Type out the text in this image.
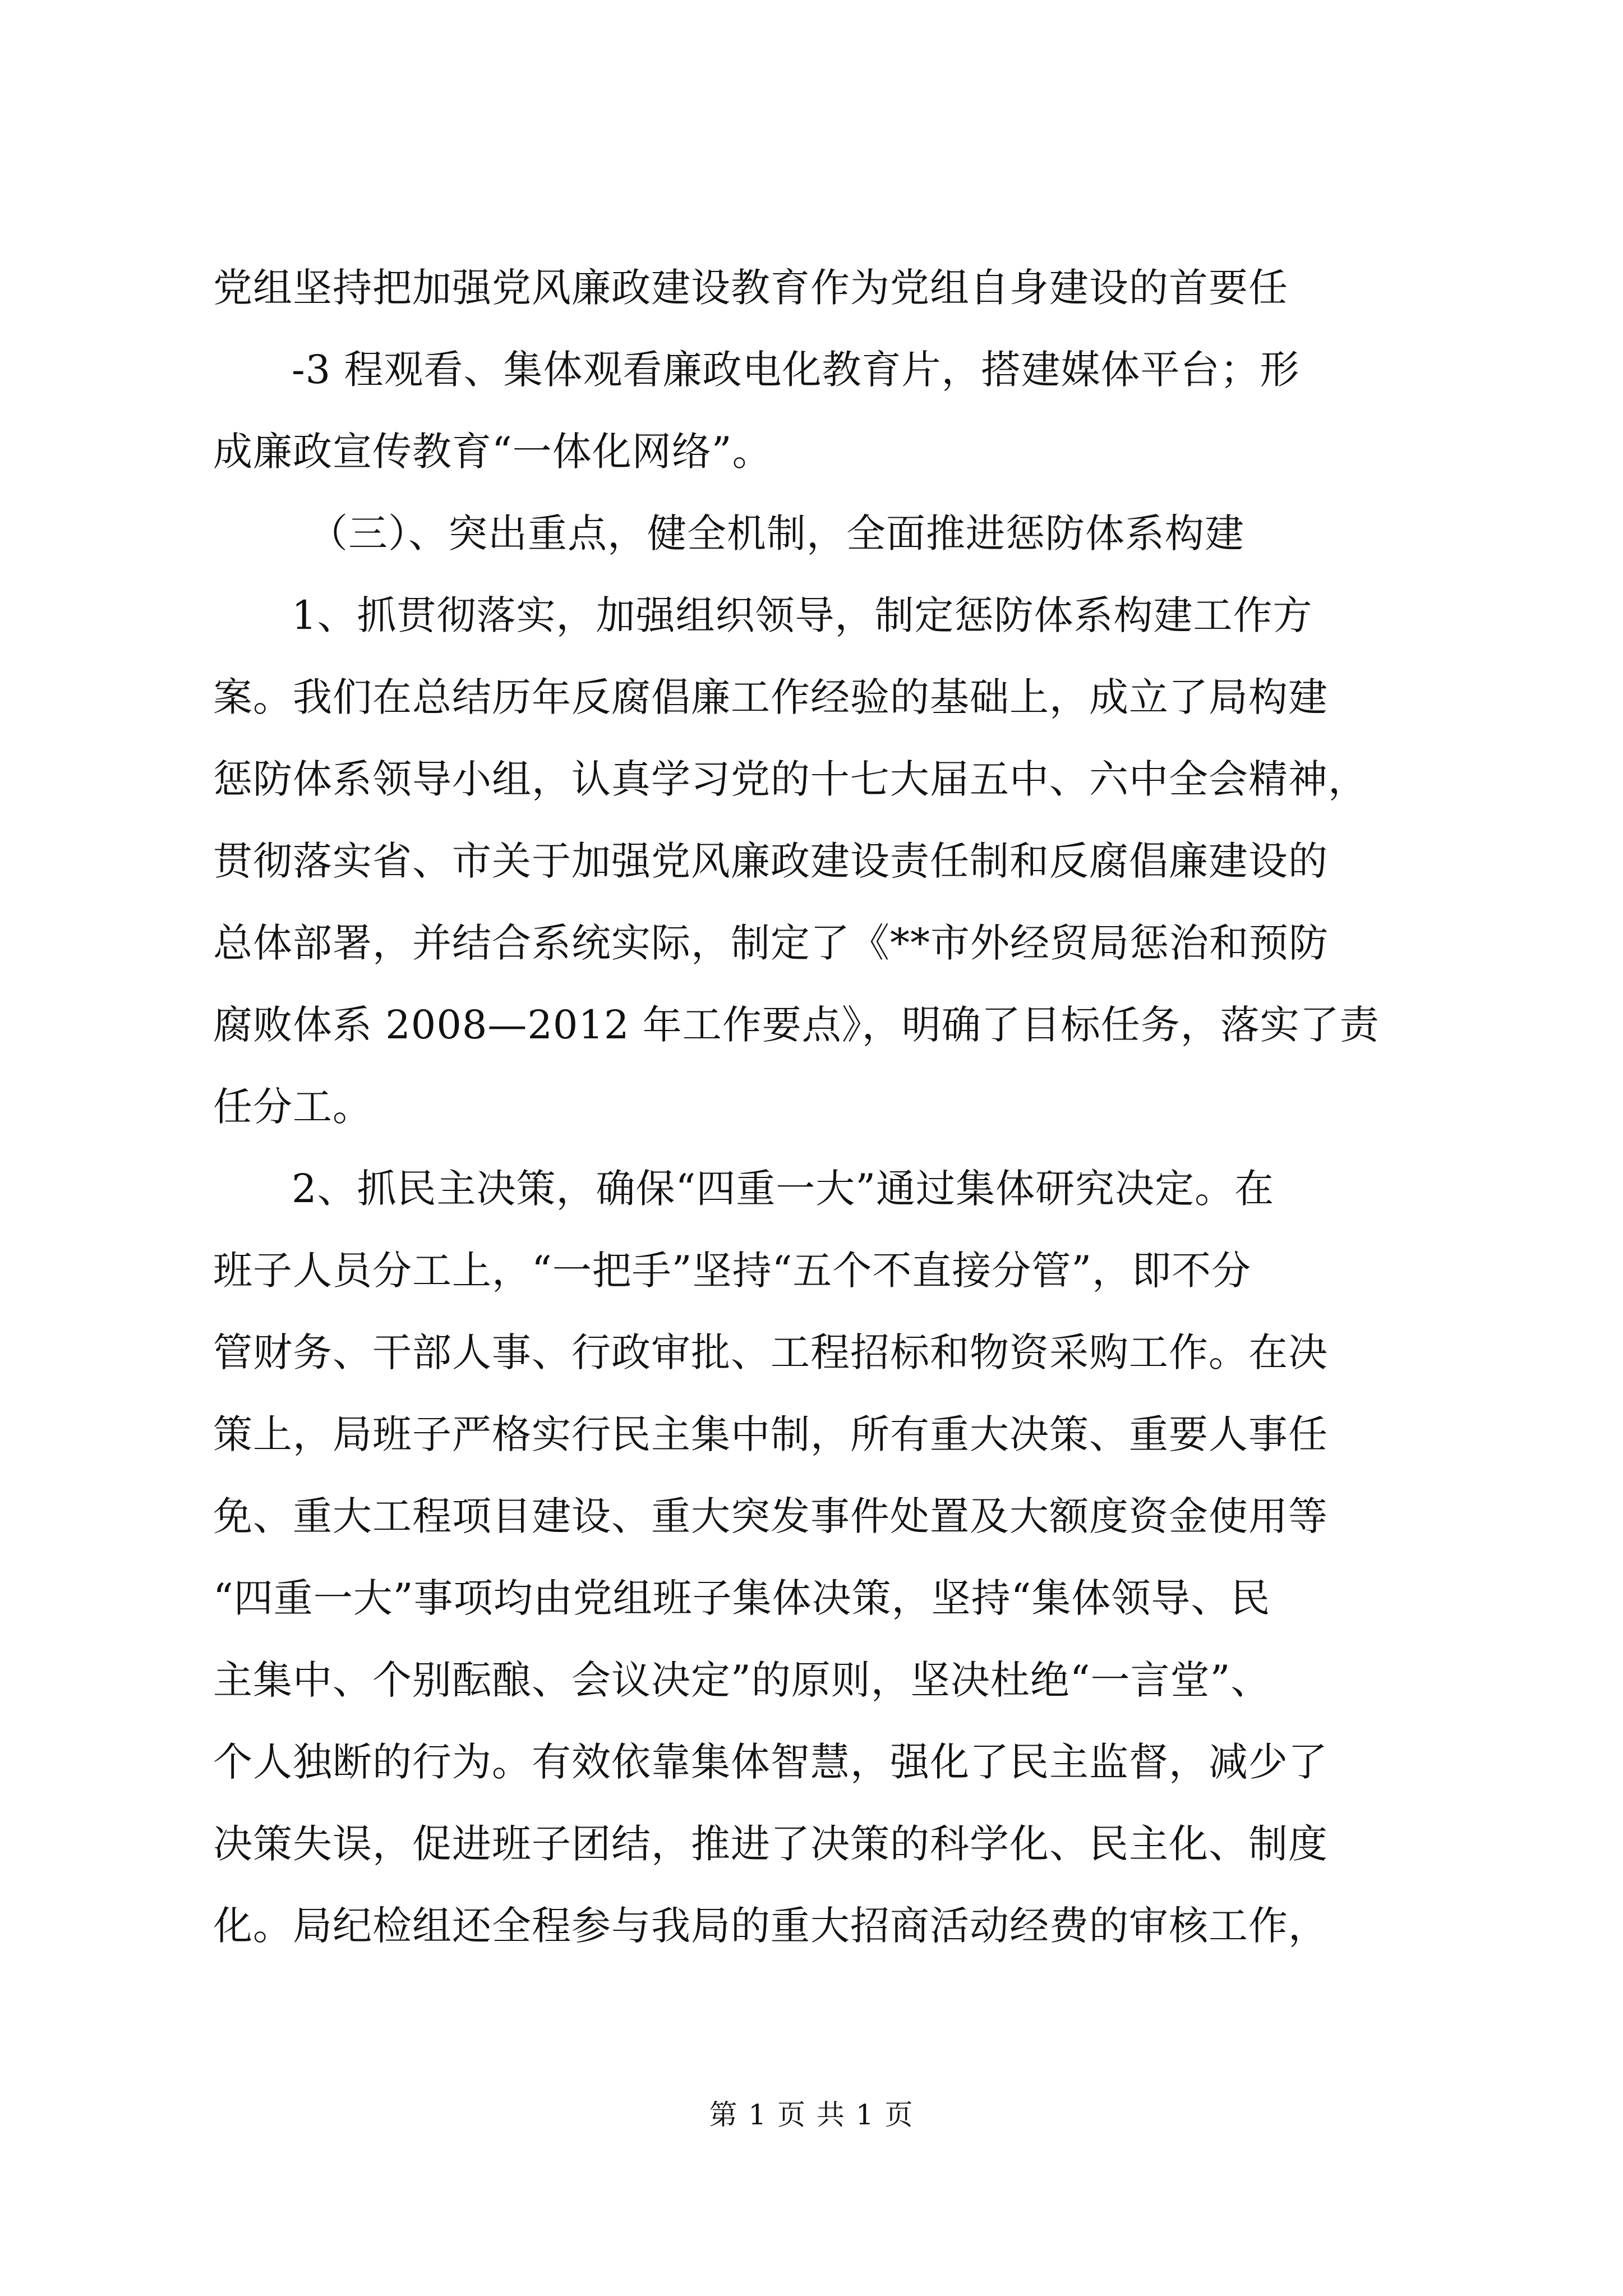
党组坚持把加强党风廉政建设教育作为党组自身建设的首要任
-3 程观看、集体观看廉政电化教育片，搭建媒体平台；形
成廉政宣传教育“一体化网络”。
（三）、突出重点，健全机制，全面推进惩防体系构建
1、抓贯彻落实，加强组织领导，制定惩防体系构建工作方
案。我们在总结历年反腐倡廉工作经验的基础上，成立了局构建
惩防体系领导小组，认真学习党的十七大届五中、六中全会精神，
贯彻落实省、市关于加强党风廉政建设责任制和反腐倡廉建设的
总体部署，并结合系统实际，制定了《**市外经贸局惩治和预防
腐败体系 2008—2012 年工作要点》，明确了目标任务，落实了责
任分工。
2、抓民主决策，确保“四重一大”通过集体研究决定。在
班子人员分工上，“一把手”坚持“五个不直接分管”，即不分
管财务、干部人事、行政审批、工程招标和物资采购工作。在决
策上，局班子严格实行民主集中制，所有重大决策、重要人事任
免、重大工程项目建设、重大突发事件处置及大额度资金使用等
“四重一大”事项均由党组班子集体决策，坚持“集体领导、民
主集中、个别酝酿、会议决定”的原则，坚决杜绝“一言堂”、
个人独断的行为。有效依靠集体智慧，强化了民主监督，减少了
决策失误，促进班子团结，推进了决策的科学化、民主化、制度
化。局纪检组还全程参与我局的重大招商活动经费的审核工作，
第 1 页 共 1 页
